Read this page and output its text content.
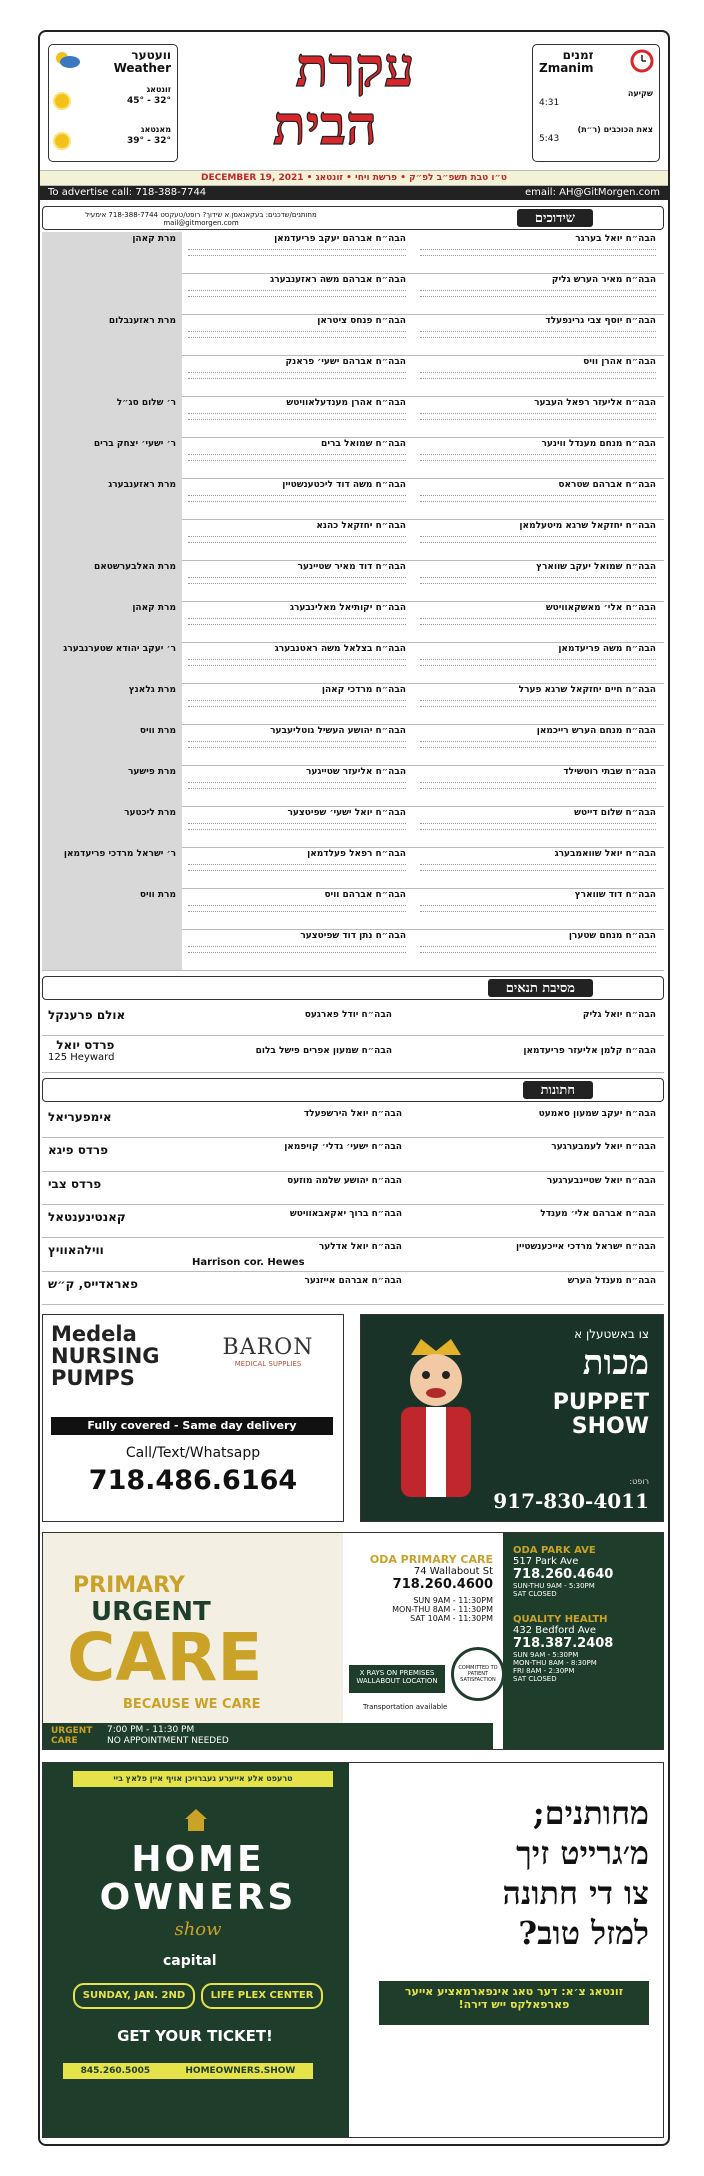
וועטער
Weather
זונטאג
45° - 32°
מאנטאג
39° - 32°
עקרת
הבית
זמנים
Zmanim
שקיעה
4:31
צאת הכוכבים (ר״ת)
5:43
DECEMBER 19, 2021 • ט״ו טבת תשפ״ב לפ״ק • פרשת ויחי • זונטאג
To advertise call: 718-388-7744	email: AH@GitMorgen.com
מחותנים/שדכנים: בעקאנאסן א שידוך? רופט/טעקסט 718-388-7744 אימעיל mail@gitmorgen.com	שידוכים
מרת קאהן	הבה״ח אברהם יעקב פריעדמאן	הבה״ח יואל בערגר
הבה״ח אברהם משה ראזענבערג	הבה״ח מאיר הערש גליק
מרת ראזענבלום	הבה״ח פנחס ציטראן	הבה״ח יוסף צבי גרינפעלד
הבה״ח אברהם ישעי׳ פראנק	הבה״ח אהרן וויס
ר׳ שלום סג״ל	הבה״ח אהרן מענדעלאוויטש	הבה״ח אליעזר רפאל העבער
ר׳ ישעי׳ יצחק ברים	הבה״ח שמואל ברים	הבה״ח מנחם מענדל ווינער
מרת ראזענבערג	הבה״ח משה דוד ליכטענשטיין	הבה״ח אברהם שטראס
הבה״ח יחזקאל כהנא	הבה״ח יחזקאל שרגא מיטעלמאן
מרת האלבערשטאם	הבה״ח דוד מאיר שטיינער	הבה״ח שמואל יעקב שווארץ
מרת קאהן	הבה״ח יקותיאל מאלינבערג	הבה״ח אלי׳ מאשקאוויטש
ר׳ יעקב יהודא שטערנבערג	הבה״ח בצלאל משה ראטנבערג	הבה״ח משה פריעדמאן
מרת גלאנץ	הבה״ח מרדכי קאהן	הבה״ח חיים יחזקאל שרגא פערל
מרת וויס	הבה״ח יהושע העשיל גוטליעבער	הבה״ח מנחם הערש רייכמאן
מרת פישער	הבה״ח אליעזר שטייגער	הבה״ח שבתי רוטשילד
מרת ליכטער	הבה״ח יואל ישעי׳ שפיטצער	הבה״ח שלום דייטש
ר׳ ישראל מרדכי פריעדמאן	הבה״ח רפאל פעלדמאן	הבה״ח יואל שוואמבערג
מרת וויס	הבה״ח אברהם וויס	הבה״ח דוד שווארץ
הבה״ח נתן דוד שפיטצער	הבה״ח מנחם שטערן
מסיבת תנאים
אולם פרענקל	הבה״ח יודל פארגעס	הבה״ח יואל גליק
פרדס יואל
125 Heyward
הבה״ח שמעון אפרים פישל בלום	הבה״ח קלמן אליעזר פריעדמאן
חתונות
אימפעריאל	הבה״ח יואל הירשפעלד	הבה״ח יעקב שמעון סאמעט
פרדס פיגא	הבה״ח ישעי׳ גדלי׳ קויפמאן	הבה״ח יואל לעמבערגער
פרדס צבי	הבה״ח יהושע שלמה מוזעס	הבה״ח יואל שטיינבערגער
קאנטינענטאל	הבה״ח ברוך יאקאבאוויטש	הבה״ח אברהם אלי׳ מענדל
ווילהאוויץ
Harrison cor. Hewes
הבה״ח יואל אדלער	הבה״ח ישראל מרדכי אייכענשטיין
פאראדייס, ק״ש	הבה״ח אברהם אייזנער	הבה״ח מענדל הערש
Medela
NURSING
PUMPS
BARON
MEDICAL SUPPLIES
Fully covered - Same day delivery
Call/Text/Whatsapp
718.486.6164
צו באשטעלן א
מכות
PUPPET
SHOW
רופט:
917-830-4011
PRIMARY
URGENT
CARE
BECAUSE WE CARE
URGENT CARE
7:00 PM - 11:30 PM
NO APPOINTMENT NEEDED
ODA PRIMARY CARE
74 Wallabout St
718.260.4600
SUN 9AM - 11:30PM
MON-THU 8AM - 11:30PM
SAT 10AM - 11:30PM
X RAYS ON PREMISES
WALLABOUT LOCATION
COMMITTED TO PATIENT SATISFACTION
Transportation available
ODA PARK AVE
517 Park Ave
718.260.4640
SUN-THU 9AM - 5:30PM
SAT CLOSED
QUALITY HEALTH
432 Bedford Ave
718.387.2408
SUN 9AM - 5:30PM
MON-THU 8AM - 8:30PM
FRI 8AM - 2:30PM
SAT CLOSED
טרעפט אלע אייערע געברויכן אויף איין פלאץ ביי
HOME
OWNERS
show
capital
SUNDAY, JAN. 2ND	LIFE PLEX CENTER
GET YOUR TICKET!
845.260.5005	HOMEOWNERS.SHOW
מחותנים;
מ׳גרייט זיך
צו די חתונה
למזל טוב?
זונטאג צ׳א: דער טאג אינפארמאציע אייער פארפאלקס ייש דירה!
